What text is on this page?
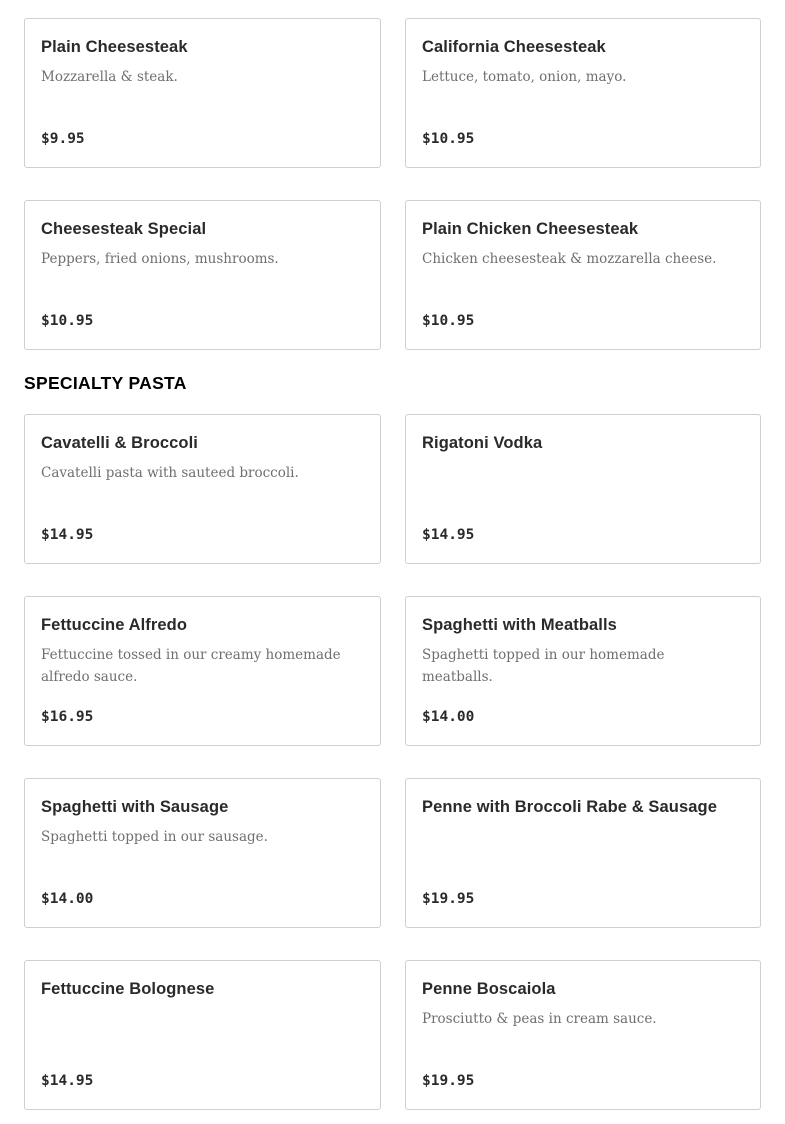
Plain Cheesesteak
Mozzarella & steak.
$9.95
California Cheesesteak
Lettuce, tomato, onion, mayo.
$10.95
Cheesesteak Special
Peppers, fried onions, mushrooms.
$10.95
Plain Chicken Cheesesteak
Chicken cheesesteak & mozzarella cheese.
$10.95
SPECIALTY PASTA
Cavatelli & Broccoli
Cavatelli pasta with sauteed broccoli.
$14.95
Rigatoni Vodka
$14.95
Fettuccine Alfredo
Fettuccine tossed in our creamy homemade alfredo sauce.
$16.95
Spaghetti with Meatballs
Spaghetti topped in our homemade meatballs.
$14.00
Spaghetti with Sausage
Spaghetti topped in our sausage.
$14.00
Penne with Broccoli Rabe & Sausage
$19.95
Fettuccine Bolognese
$14.95
Penne Boscaiola
Prosciutto & peas in cream sauce.
$19.95
